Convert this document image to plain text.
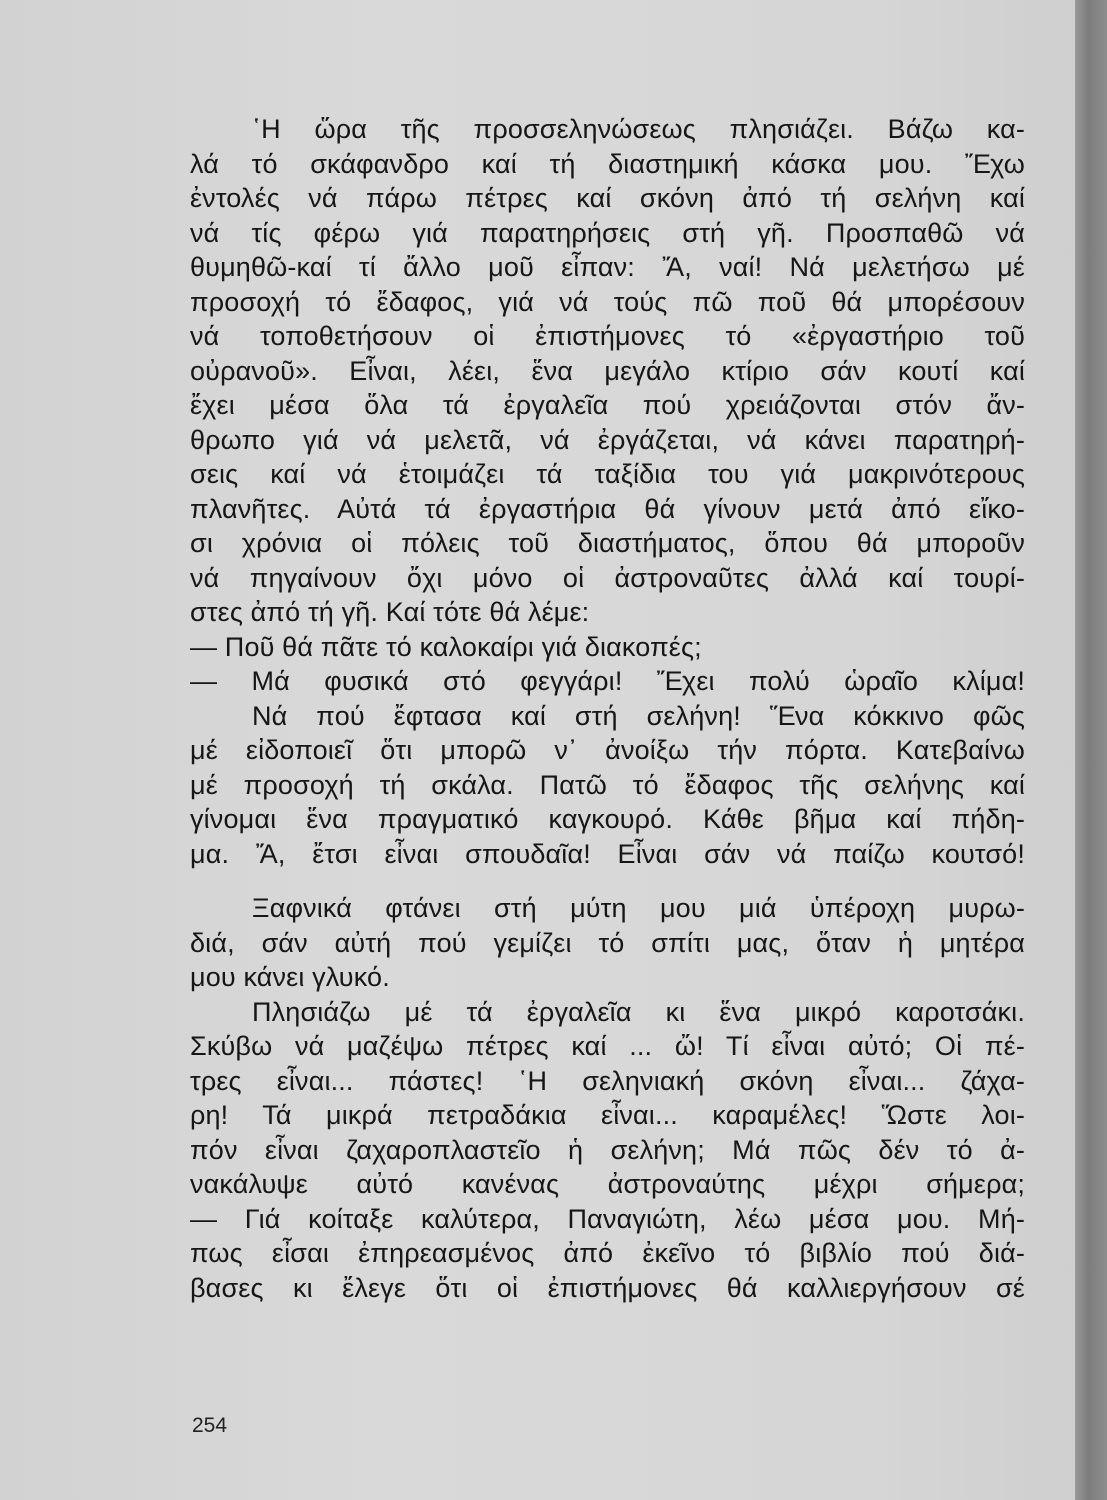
῾Η ὥρα τῆς προσσεληνώσεως πλησιάζει. Βάζω κα-
λά τό σκάφανδρο καί τή διαστημική κάσκα μου. Ἔχω
ἐντολές νά πάρω πέτρες καί σκόνη ἀπό τή σελήνη καί
νά τίς φέρω γιά παρατηρήσεις στή γῆ. Προσπαθῶ νά
θυμηθῶ-καί τί ἄλλο μοῦ εἶπαν: Ἄ, ναί! Νά μελετήσω μέ
προσοχή τό ἔδαφος, γιά νά τούς πῶ ποῦ θά μπορέσουν
νά τοποθετήσουν οἱ ἐπιστήμονες τό «ἐργαστήριο τοῦ
οὐρανοῦ». Εἶναι, λέει, ἕνα μεγάλο κτίριο σάν κουτί καί
ἔχει μέσα ὅλα τά ἐργαλεῖα πού χρειάζονται στόν ἄν-
θρωπο γιά νά μελετᾶ, νά ἐργάζεται, νά κάνει παρατηρή-
σεις καί νά ἑτοιμάζει τά ταξίδια του γιά μακρινότερους
πλανῆτες. Αὐτά τά ἐργαστήρια θά γίνουν μετά ἀπό εἴκο-
σι χρόνια οἱ πόλεις τοῦ διαστήματος, ὅπου θά μποροῦν
νά πηγαίνουν ὄχι μόνο οἱ ἀστροναῦτες ἀλλά καί τουρί-
στες ἀπό τή γῆ. Καί τότε θά λέμε:
— Ποῦ θά πᾶτε τό καλοκαίρι γιά διακοπές;
— Μά φυσικά στό φεγγάρι! Ἔχει πολύ ὡραῖο κλίμα!
Νά πού ἔφτασα καί στή σελήνη! Ἕνα κόκκινο φῶς
μέ εἰδοποιεῖ ὅτι μπορῶ ν᾽ ἀνοίξω τήν πόρτα. Κατεβαίνω
μέ προσοχή τή σκάλα. Πατῶ τό ἔδαφος τῆς σελήνης καί
γίνομαι ἕνα πραγματικό καγκουρό. Κάθε βῆμα καί πήδη-
μα. Ἄ, ἔτσι εἶναι σπουδαῖα! Εἶναι σάν νά παίζω κουτσό!
Ξαφνικά φτάνει στή μύτη μου μιά ὑπέροχη μυρω-
διά, σάν αὐτή πού γεμίζει τό σπίτι μας, ὅταν ἡ μητέρα
μου κάνει γλυκό.
Πλησιάζω μέ τά ἐργαλεῖα κι ἕνα μικρό καροτσάκι.
Σκύβω νά μαζέψω πέτρες καί ... ὤ! Τί εἶναι αὐτό; Οἱ πέ-
τρες εἶναι... πάστες! ῾Η σεληνιακή σκόνη εἶναι... ζάχα-
ρη! Τά μικρά πετραδάκια εἶναι... καραμέλες! Ὥστε λοι-
πόν εἶναι ζαχαροπλαστεῖο ἡ σελήνη; Μά πῶς δέν τό ἀ-
νακάλυψε αὐτό κανένας ἀστροναύτης μέχρι σήμερα;
— Γιά κοίταξε καλύτερα, Παναγιώτη, λέω μέσα μου. Μή-
πως εἶσαι ἐπηρεασμένος ἀπό ἐκεῖνο τό βιβλίο πού διά-
βασες κι ἔλεγε ὅτι οἱ ἐπιστήμονες θά καλλιεργήσουν σέ
254
